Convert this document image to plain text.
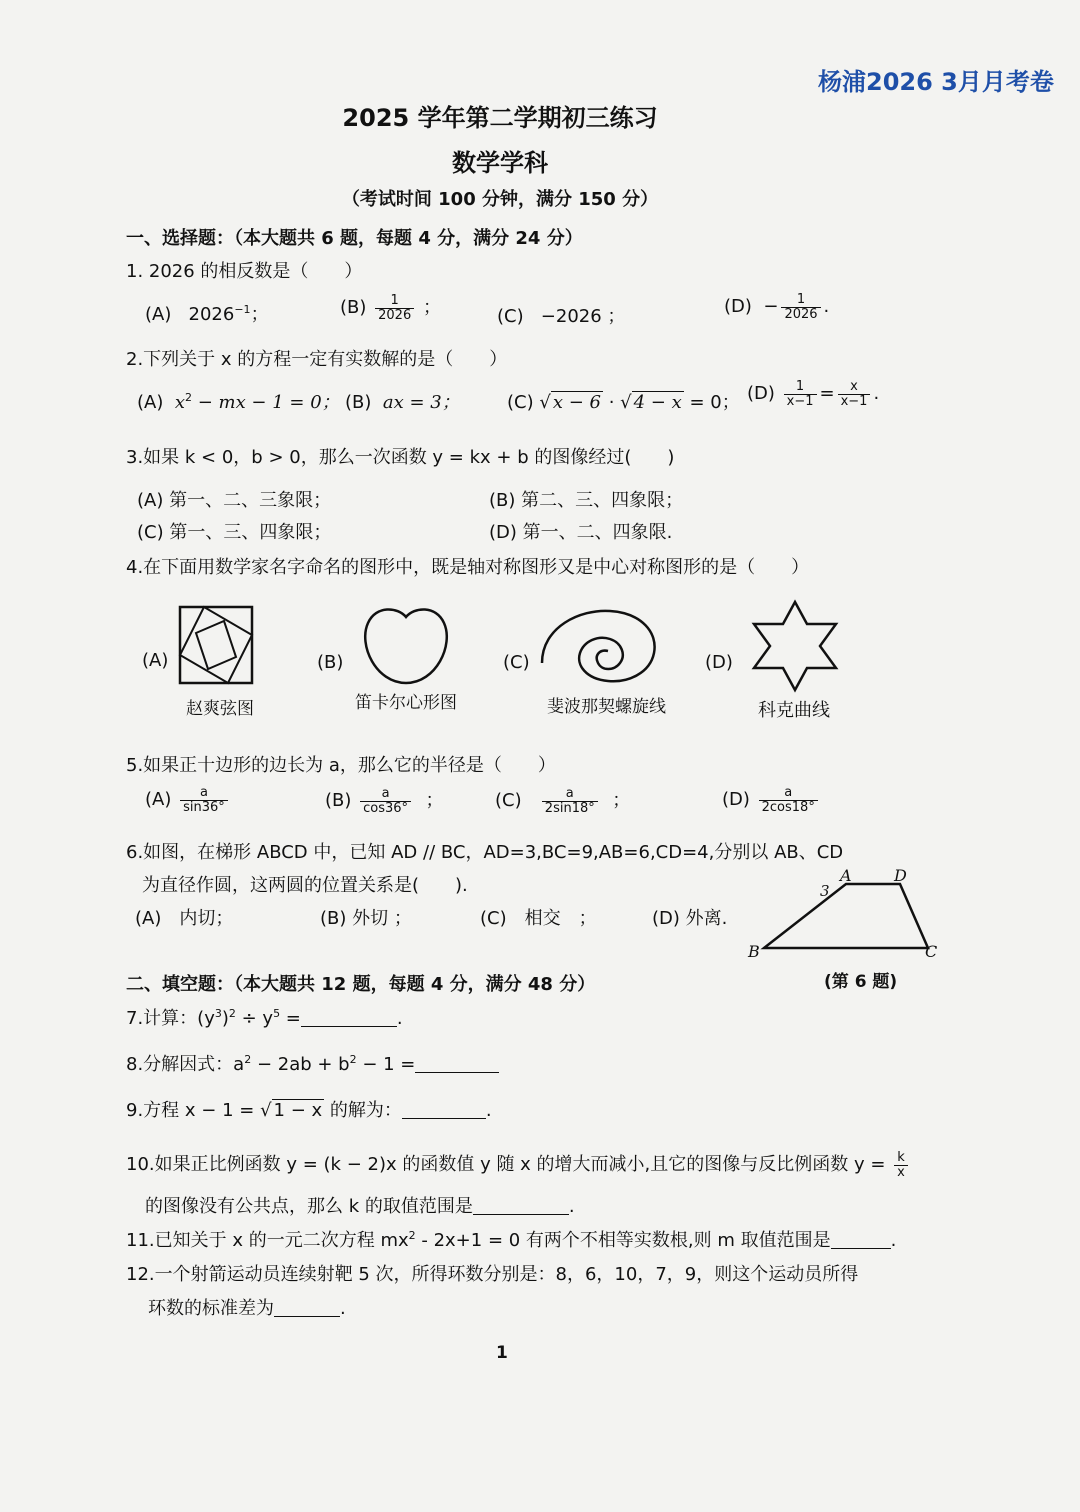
杨浦2026 3月月考卷
2025 学年第二学期初三练习
数学学科
（考试时间 100 分钟，满分 150 分）
一、选择题：（本大题共 6 题，每题 4 分，满分 24 分）
1. 2026 的相反数是（　　）
(A) $2026^{-1}$；	$(B) \frac{1}{2026}$ ；	(C) −2026 ；	$(D) - \frac{1}{2026}$ .
2.下列关于 x 的方程一定有实数解的是（　　）
(A) $x^2$ − mx − 1 = 0； (B) ax = 3；	(C) √ x − 6 · √ 4 − x = 0； $(D) \frac{1}{x-1} = \frac{x}{x-1}$ .
3.如果 k < 0，b > 0，那么一次函数 y = kx + b 的图像经过(　　)
(A) 第一、二、三象限；	(B) 第二、三、四象限；
(C) 第一、三、四象限；	(D) 第一、二、四象限.
4.在下面用数学家名字命名的图形中，既是轴对称图形又是中心对称图形的是（　　）
(A)
赵爽弦图
(B)
笛卡尔心形图
(C)
斐波那契螺旋线
(D)
科克曲线
5.如果正十边形的边长为 a，那么它的半径是（　　）
$(A) \frac{a}{\sin 36^\circ}$	$(B) \frac{a}{\cos 36^\circ}$ ；	$(C) \frac{a}{2\sin 18^\circ}$ ；	$(D) \frac{a}{2\cos 18^\circ}$
6.如图，在梯形 ABCD 中，已知 AD // BC，AD=3,BC=9,AB=6,CD=4,分别以 AB、CD
为直径作圆，这两圆的位置关系是(　　).
(A)　内切；	(B) 外切 ；	(C)　相交　；	(D) 外离.
A	D
B	C
3
(第 6 题)
二、填空题：（本大题共 12 题，每题 4 分，满分 48 分）
7.计算：$(y^3)^2 \div y^5$ =	.
8.分解因式：$a^2 - 2ab + b^2 - 1$ =
9.方程 x − 1 = √ 1 − x 的解为：	.
10.如果正比例函数 y = (k − 2)x 的函数值 y 随 x 的增大而减小,且它的图像与反比例函数 $y = \frac{k}{x}$
的图像没有公共点，那么 k 的取值范围是	.
11.已知关于 x 的一元二次方程 $mx^2 - 2x+1 = 0$ 有两个不相等实数根,则 m 取值范围是	.
12.一个射箭运动员连续射靶 5 次，所得环数分别是：8，6，10，7，9，则这个运动员所得
环数的标准差为	.
1
